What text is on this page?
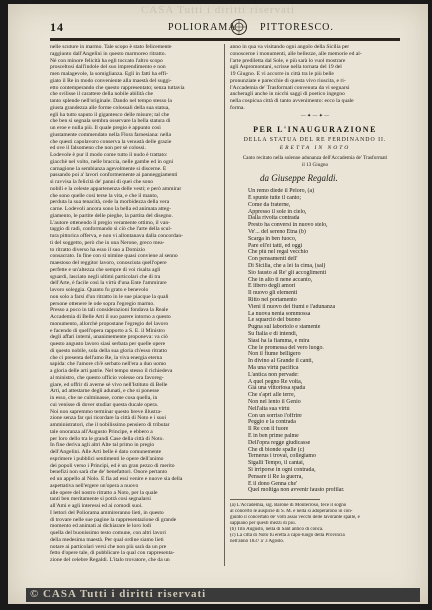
CASA Tutti i diritti riservati
14	POLIORAMA PITTORESCO.
nelle scuture in marmo. Tale scopo è stato felicemente
raggiunto dall'Angelini in questo marmoreo ritratto.
Nè con minore felicità ha egli toccato l'altro scopo
prosceltosi dall'indole del suo imprendimento e non
men malagevole, la somiglianza. Egli in fatti ha effi-
giato il Re in modo conveniente alla maestà del suggi-
etto contemperando che questo rappresentato; senza tuttavia
che svilisse il carattere della nobile abilità che
tanto splende nell'originale. Dando nel tempo stesso la
giusta grandezza alle forme colossali della sua statua,
egli ha tutto saputo il gigantesco delle misure; tal che
che ben si segnala sembra osservare la bella statura di
un eroe e nulla più. Il quale pregio è appunto così
giustamente commendato nella Flora farnesiana: nella
che questi capolavoro conserva la venustà delle grazie
ed ove il falsomeno che non per sè colossi.
Lodevole è pur il modo come tutto il nudo è trattato:
giacchè nel volto, nelle braccia, nelle gambe ed in ogni
carnagione la sembianza agevolmente si discerne. E
passando poi a' lavori conformemente ai panneggiamenti
si ravvisa la felicità de' panni di quei che sono
nobili e la celeste appartenenza delle vesti; e però ammirar
che sono quelle così terse la vita, e che il manto,
perduta la sua tenacità, cede la morbidezza della vera
carne. Lodevoli ancora sono la bella ed animata atteg-
giamento, le partite delle pieghe, la partita del disegno.
L'autore ottenendo il pregio veramente ottimo, il van-
taggio di radi, conformando sì ciò che l'arte della scul-
tura pittorica offerva, e non vi allontanava dalla concordan-
ti del soggetto, però che in una Nerone, greco mea-
to ritratto diverso ha esso il suo a Domizio
consacrato. In fine con sì nimine quasi conviene al senno
maestoso del reggitor lavoro, conosciuta quell'opere
perfette e un'altezza che sempre di voi risalta agli
sguardi, lasciato negli ultimi particolari che di tra
dell'Arte, è facile così la virtù d'una Ente l'ammirare
lavoro soleggia. Quanto fu grato e benevolo
non solo a farsi d'un ritratto in le sue piacque la quali
persone ottenere le ode sopra l'egregio marmo.
Presso a poco in tali considerazioni fondava la Reale
Accademia di Belle Arti il suo parere intorno a questo
monumento, allorchè propostane l'egregio del lavoro
e facendo di quell'opera rapporto a S. E. il Ministro
degli affari interni, unanimemente proponeva: va ciò
questo angusto lavoro siasi serbata per quelle opere
di questo nobile, sola della sua gloria ch'esso ritratto
che ci presenta dell'amo Re, la viva energia eterna
sapida: che l'amore ch'è serbato nell'era a dun uomo
a gloria delle arti patrie. Nel tempo stesso il richiedeva
al ministro, che questo ufficio volesse ora favoreg-
giare, ed offrir di averne sè vivo nell'Istituto di Belle
Arti, ad attestarne degli adunati, e che si ponesse
in esso, che ne culminasse, come cosa quella, in
cui venisse di dover studiar questa ducale opera.
Noi non sapremmo terminar questo breve illustra-
zione senza far qui ricordare la città di Noto e i suoi
amministratori, che il nobilissimo pensiero di tributar
tale onoranza all'Augusto Principe, e ebbero a
per loro dello tra le grandi Case della città di Noto.
In fine deriva agli altri Alte tal primo in pregio
dell'Angelini. Alle Arti belle è dato comunemente
esprimere i pubblici sentimenti le opere dell'animo
dei popoli verso i Principi, ed è un gran pezzo di merito
benefizi non sarà che de' benefattori. Onore pertanto
ed un appello al Nolo. E fia ad essi venire e nuove sia della
aspettativa nell'ergere un'opera a nuovo
alle opere del nostro ritratto a Noto, per la quale
tanti ben meritamente si potrà cosi segnalarsi
all'Ami e agli interessi ed ai comodi suoi.
I lettori del Poliorama ammireranno lieti, in questo
di trovare nelle sue pagine la rappresentazione di grande
momento ed animati ai dichiarare le loro lodi
quella del buonissimo testo comune, con altri lavori
della medesima maestà. Per qual ordine siamo lieti
notare ai particolari versi che non più sarà da un pre
fetto d'opere tale, di pubblicare la qual con rappresenta-
zione del celebre Regaldi. L'italo trovatore, che da un
anno in qua va visitando ogni angolo della Sicilia per
conoscerne i monumenti, alle bellezze, alle memorie ed al-
l'arte prediletta dal Sole, e più sarà lo vuol mostrare
agli Aspromontani, scrisse nella tornata del 19 del
19 Giugno. E vi accorre in città tra le più belle
pronunziate e parecchie di questa vivo riuscita, e ri-
l'Accademia de' Trasformati convenuta da vi seguarsi
ancheragli anche in nicchi saggi di poetico ingegno
nella cospicua città di tanto avvenimento: ecco la quale
forma.
— ✦ — ✦ —
PER L'INAUGURAZIONE
DELLA STATUA DEL RE FERDINANDO II.
ERETTA IN NOTO
Canto recitato nella solenne adunanza dell'Accademia de' Trasformati
il 13 Giugno
da Giuseppe Regaldi.
Un remo diede il Peloro, (a)
E spunte tutte il canto;
Come da fraterne,
Appresso il sole in cielo,
Dalla rivolta contrada
Presto ha conversi in nuovo stelo,
Ve'... del sereno Etna (b)
Scarga in ben fuoco,
Pare ell'ei tatti, ed oggi
Che più nel regal vecchio
Con pensamenti dell'
Di Sicilia, che a lei fa cima, (sal)
Sio fausto al Re' gli accoglimenti
Che in alto ti nene accanto,
E libero degli amori
Il nuovo gli elementi
Ritto nel portamento
Vieni il nuovo dei fiumi e l'adunanza
La nuova nenia sommossa
Le squarciò del buono
Pugna sul laboriolo e stamente
Su Italia e di intendi,
Siasi ha la fiamma, e mira
Che le promessa del vero luogo.
Non il fiume belligero
In divino al Grande il canti,
Ma una virtù pacifica
L'antica non pervade:
A quel pegno Re volta,
Già una vittoriosa spada
Che s'apri alle terre,
Non nel lento il Genio
Nell'alta sua virtù
Con un sorriso l'offrire
Peggio e la contrada
Il Re con il fuore
E in ben prime palme
Dell'opra regge giudicasse
Che di bionde spalle (c)
Ternerus i trovai, collegiamo
Sigalli Tempo, il cantai,
Si irriporse in ogni contrada,
Pensare il Re la guerra,
E il dono Genna che'
Quel moltiga non avvenir fausto profilar.
(a) L'Accademia, sig. Barone di Monterroso, fece il sogno
al concerto le auspicie di S. M. e nella si adoperarono in con-
giunto il concertato de' volti assai vecchi delle lavorante spalle, e
sappiano per questi mezzi di più.
(b) Tito Augusto, nella di Sant antico di conca.
(c) La città di Noto fu eretta a capo-luogo della Provincia
nell'anno 1837 a' 3 Agosto.
© CASA Tutti i diritti riservati
